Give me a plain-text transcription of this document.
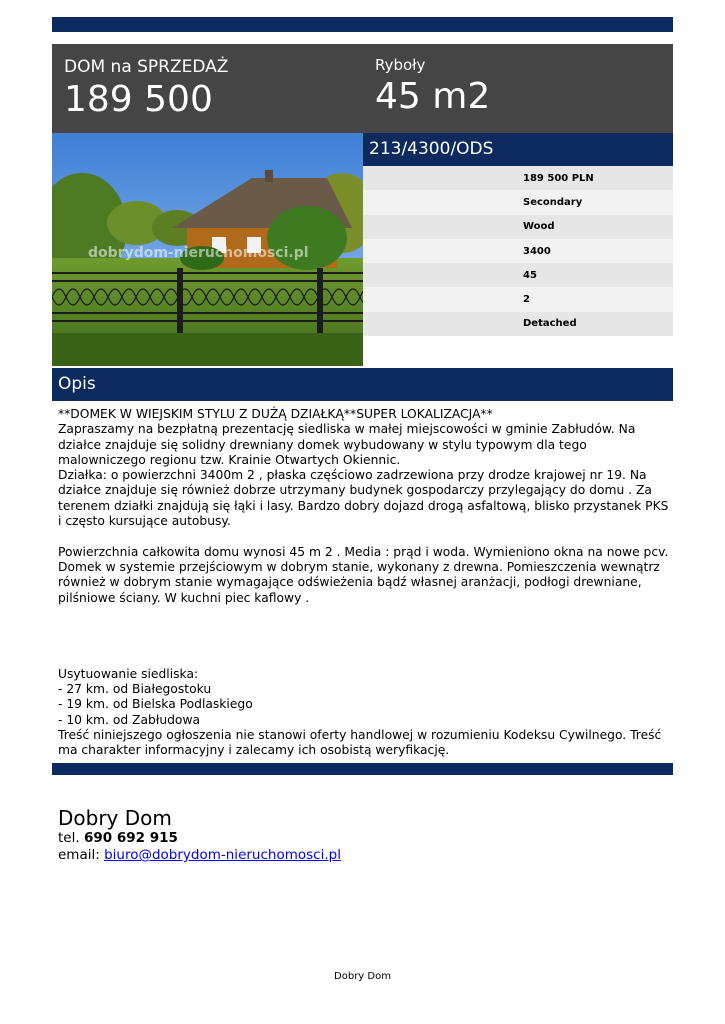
DOM na SPRZEDAŻ
189 500
Ryboły
45 m2
dobrydom-nieruchomosci.pl
213/4300/ODS
189 500 PLN
Secondary
Wood
3400
45
2
Detached
Opis

**DOMEK W WIEJSKIM STYLU Z DUŻĄ DZIAŁKĄ**SUPER LOKALIZACJA**

Zapraszamy na bezpłatną prezentację siedliska w małej miejscowości w gminie Zabłudów. Na działce znajduje się solidny drewniany domek wybudowany w stylu typowym dla tego malowniczego regionu tzw. Krainie Otwartych Okiennic.

Działka: o powierzchni 3400m 2 , płaska częściowo zadrzewiona przy drodze krajowej nr 19. Na działce znajduje się również dobrze utrzymany budynek gospodarczy przylegający do domu . Za terenem działki znajdują się łąki i lasy. Bardzo dobry dojazd drogą asfaltową, blisko przystanek PKS i często kursujące autobusy.

Powierzchnia całkowita domu wynosi 45 m 2 . Media : prąd i woda. Wymieniono okna na nowe pcv. Domek w systemie przejściowym w dobrym stanie, wykonany z drewna. Pomieszczenia wewnątrz również w dobrym stanie wymagające odświeżenia bądź własnej aranżacji, podłogi drewniane, pilśniowe ściany. W kuchni piec kaflowy .

Usytuowanie siedliska:

- 27 km. od Białegostoku

- 19 km. od Bielska Podlaskiego

- 10 km. od Zabłudowa

Treść niniejszego ogłoszenia nie stanowi oferty handlowej w rozumieniu Kodeksu Cywilnego. Treść ma charakter informacyjny i zalecamy ich osobistą weryfikację.

Dobry Dom
tel. 690 692 915
email: biuro@dobrydom-nieruchomosci.pl
Dobry Dom
